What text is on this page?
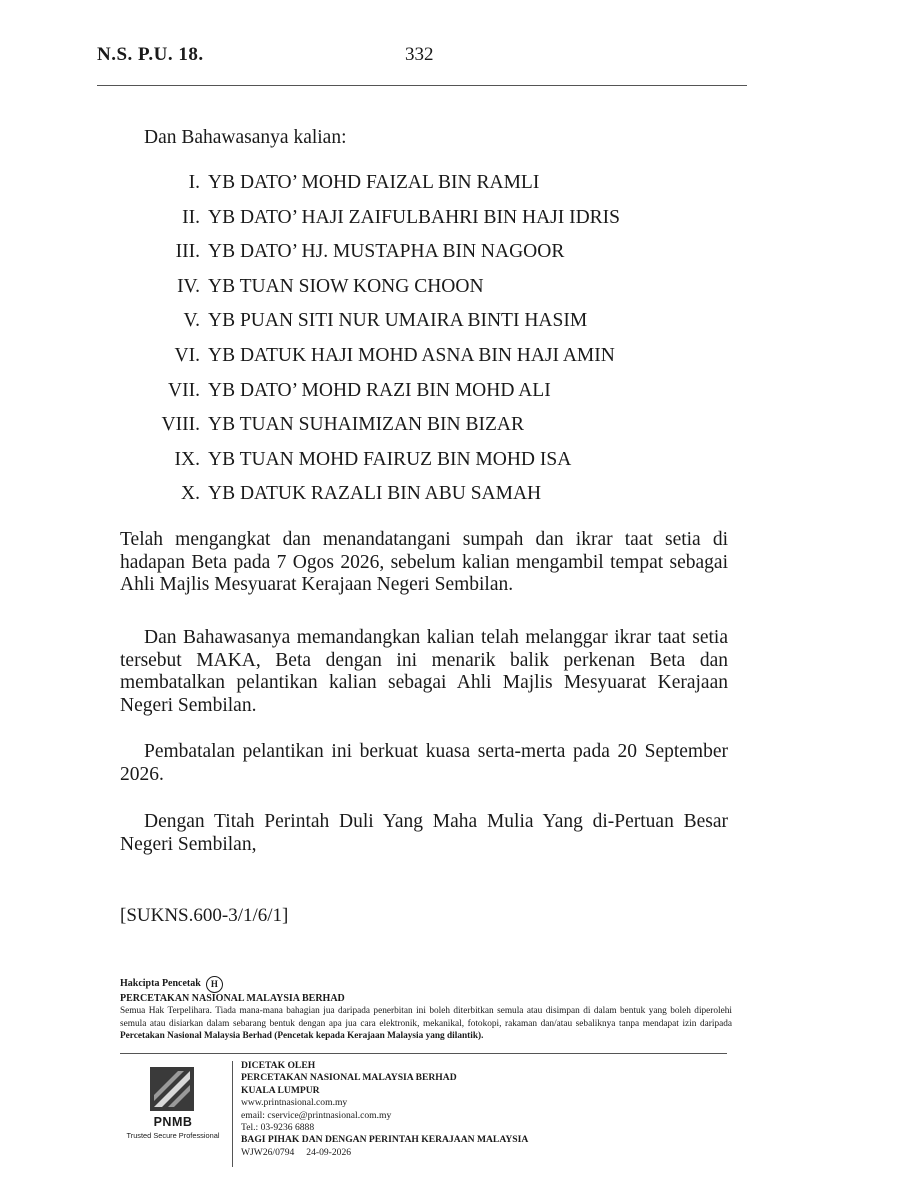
N.S. P.U. 18.	332
Dan Bahawasanya kalian:
I. YB DATO’ MOHD FAIZAL BIN RAMLI
II. YB DATO’ HAJI ZAIFULBAHRI BIN HAJI IDRIS
III. YB DATO’ HJ. MUSTAPHA BIN NAGOOR
IV. YB TUAN SIOW KONG CHOON
V. YB PUAN SITI NUR UMAIRA BINTI HASIM
VI. YB DATUK HAJI MOHD ASNA BIN HAJI AMIN
VII. YB DATO’ MOHD RAZI BIN MOHD ALI
VIII. YB TUAN SUHAIMIZAN BIN BIZAR
IX. YB TUAN MOHD FAIRUZ BIN MOHD ISA
X. YB DATUK RAZALI BIN ABU SAMAH

Telah mengangkat dan menandatangani sumpah dan ikrar taat setia di hadapan Beta pada 7 Ogos 2026, sebelum kalian mengambil tempat sebagai Ahli Majlis Mesyuarat Kerajaan Negeri Sembilan.

Dan Bahawasanya memandangkan kalian telah melanggar ikrar taat setia tersebut MAKA, Beta dengan ini menarik balik perkenan Beta dan membatalkan pelantikan kalian sebagai Ahli Majlis Mesyuarat Kerajaan Negeri Sembilan.

Pembatalan pelantikan ini berkuat kuasa serta-merta pada 20 September 2026.

Dengan Titah Perintah Duli Yang Maha Mulia Yang di-Pertuan Besar Negeri Sembilan,

[SUKNS.600-3/1/6/1]
Hakcipta Pencetak	H
PERCETAKAN NASIONAL MALAYSIA BERHAD
Semua Hak Terpelihara. Tiada mana-mana bahagian jua daripada penerbitan ini boleh diterbitkan semula atau disimpan di dalam bentuk yang boleh diperolehi semula atau disiarkan dalam sebarang bentuk dengan apa jua cara elektronik, mekanikal, fotokopi, rakaman dan/atau sebaliknya tanpa mendapat izin daripada Percetakan Nasional Malaysia Berhad (Pencetak kepada Kerajaan Malaysia yang dilantik).
PNMB
Trusted Secure Professional
DICETAK OLEH
PERCETAKAN NASIONAL MALAYSIA BERHAD
KUALA LUMPUR
www.printnasional.com.my
email: cservice@printnasional.com.my
Tel.: 03-9236 6888
BAGI PIHAK DAN DENGAN PERINTAH KERAJAAN MALAYSIA
WJW26/0794     24-09-2026
